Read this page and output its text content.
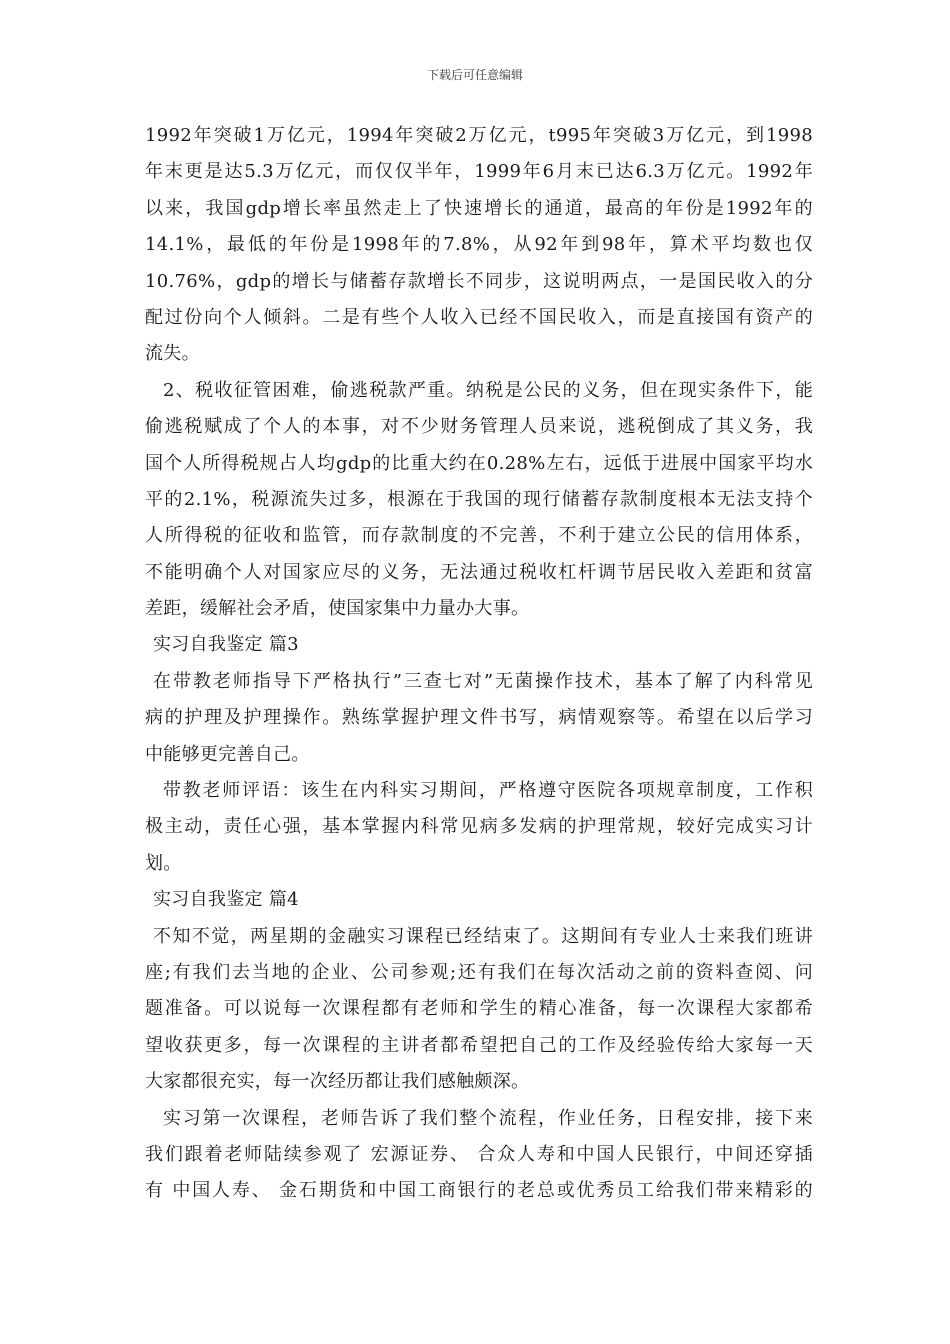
下载后可任意编辑
1992年突破1万亿元，1994年突破2万亿元，t995年突破3万亿元，到1998
年末更是达5.3万亿元，而仅仅半年，1999年6月末已达6.3万亿元。1992年
以来，我国gdp增长率虽然走上了快速增长的通道，最高的年份是1992年的
14.1%，最低的年份是1998年的7.8%，从92年到98年，算术平均数也仅
10.76%，gdp的增长与储蓄存款增长不同步，这说明两点，一是国民收入的分
配过份向个人倾斜。二是有些个人收入已经不国民收入，而是直接国有资产的
流失。
2、税收征管困难，偷逃税款严重。纳税是公民的义务，但在现实条件下，能
偷逃税赋成了个人的本事，对不少财务管理人员来说，逃税倒成了其义务，我
国个人所得税规占人均gdp的比重大约在0.28%左右，远低于进展中国家平均水
平的2.1%，税源流失过多，根源在于我国的现行储蓄存款制度根本无法支持个
人所得税的征收和监管，而存款制度的不完善，不利于建立公民的信用体系，
不能明确个人对国家应尽的义务，无法通过税收杠杆调节居民收入差距和贫富
差距，缓解社会矛盾，使国家集中力量办大事。
实习自我鉴定 篇3
在带教老师指导下严格执行”三查七对”无菌操作技术，基本了解了内科常见
病的护理及护理操作。熟练掌握护理文件书写，病情观察等。希望在以后学习
中能够更完善自己。
带教老师评语：该生在内科实习期间，严格遵守医院各项规章制度，工作积
极主动，责任心强，基本掌握内科常见病多发病的护理常规，较好完成实习计
划。
实习自我鉴定 篇4
不知不觉，两星期的金融实习课程已经结束了。这期间有专业人士来我们班讲
座;有我们去当地的企业、公司参观;还有我们在每次活动之前的资料查阅、问
题准备。可以说每一次课程都有老师和学生的精心准备，每一次课程大家都希
望收获更多，每一次课程的主讲者都希望把自己的工作及经验传给大家每一天
大家都很充实，每一次经历都让我们感触颇深。
实习第一次课程，老师告诉了我们整个流程，作业任务，日程安排，接下来
我们跟着老师陆续参观了 宏源证券、 合众人寿和中国人民银行，中间还穿插
有 中国人寿、 金石期货和中国工商银行的老总或优秀员工给我们带来精彩的
